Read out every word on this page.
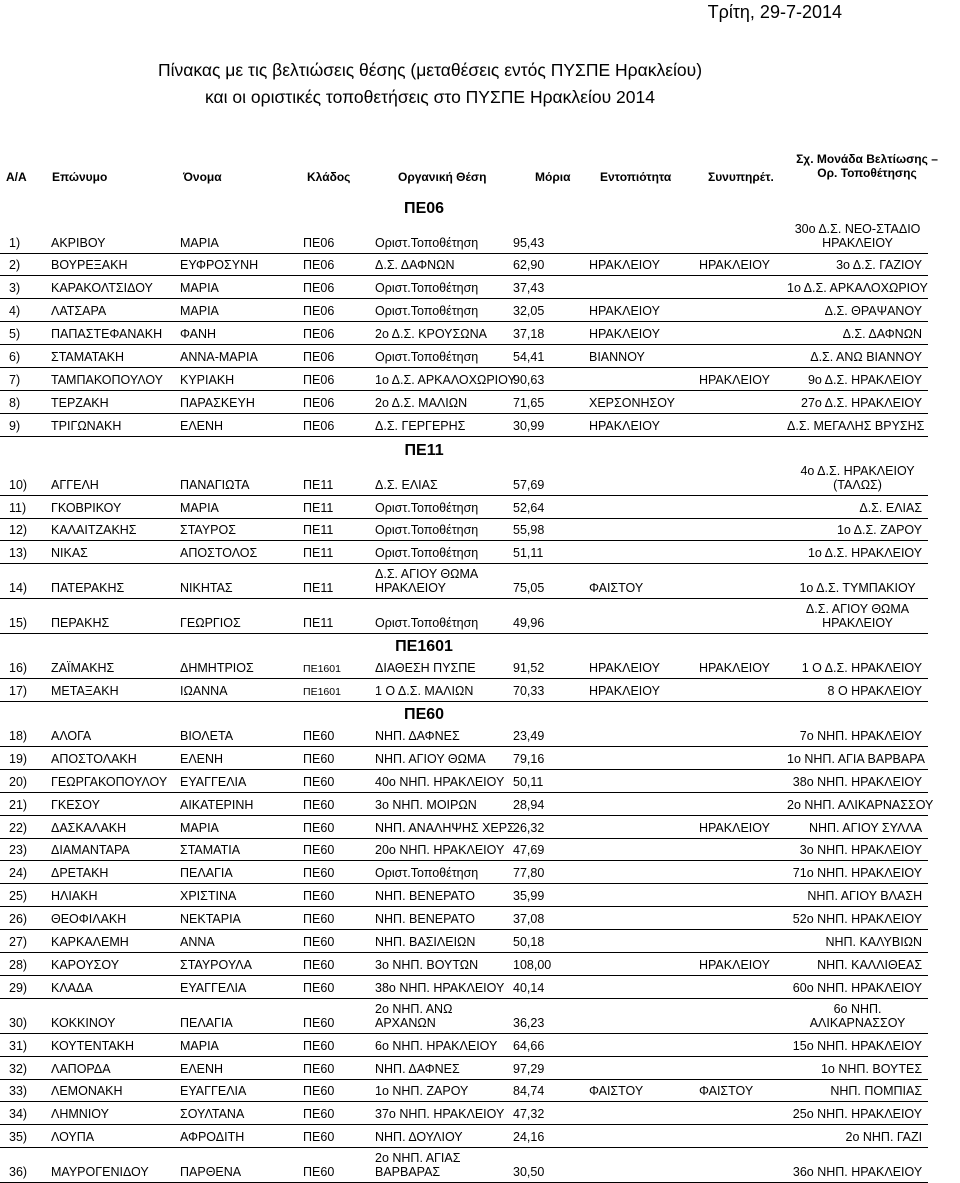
Τρίτη, 29-7-2014
Πίνακας με τις βελτιώσεις θέσης (μεταθέσεις εντός ΠΥΣΠΕ Ηρακλείου)
και οι οριστικές τοποθετήσεις στο ΠΥΣΠΕ Ηρακλείου 2014
Α/Α Επώνυμο	Όνομα	Κλάδος	Οργανική Θέση	Μόρια Εντοπιότητα	Συνυπηρέτ.
Σχ. Μονάδα Βελτίωσης –
Ορ. Τοποθέτησης
ΠΕ06								
1)	ΑΚΡΙΒΟΥ	ΜΑΡΙΑ	ΠΕ06	Οριστ.Τοποθέτηση	95,43			30ο Δ.Σ. ΝΕΟ-ΣΤΑΔΙΟ ΗΡΑΚΛΕΙΟΥ
2)	ΒΟΥΡΕΞΑΚΗ	ΕΥΦΡΟΣΥΝΗ	ΠΕ06	Δ.Σ. ΔΑΦΝΩΝ	62,90	ΗΡΑΚΛΕΙΟΥ	ΗΡΑΚΛΕΙΟΥ	3ο Δ.Σ. ΓΑΖΙΟΥ
3)	ΚΑΡΑΚΟΛΤΣΙΔΟΥ	ΜΑΡΙΑ	ΠΕ06	Οριστ.Τοποθέτηση	37,43			1ο Δ.Σ. ΑΡΚΑΛΟΧΩΡΙΟΥ
4)	ΛΑΤΣΑΡΑ	ΜΑΡΙΑ	ΠΕ06	Οριστ.Τοποθέτηση	32,05	ΗΡΑΚΛΕΙΟΥ		Δ.Σ. ΘΡΑΨΑΝΟΥ
5)	ΠΑΠΑΣΤΕΦΑΝΑΚΗ	ΦΑΝΗ	ΠΕ06	2ο Δ.Σ. ΚΡΟΥΣΩΝΑ	37,18	ΗΡΑΚΛΕΙΟΥ		Δ.Σ. ΔΑΦΝΩΝ
6)	ΣΤΑΜΑΤΑΚΗ	ΑΝΝΑ-ΜΑΡΙΑ	ΠΕ06	Οριστ.Τοποθέτηση	54,41	ΒΙΑΝΝΟΥ		Δ.Σ. ΑΝΩ ΒΙΑΝΝΟΥ
7)	ΤΑΜΠΑΚΟΠΟΥΛΟΥ	ΚΥΡΙΑΚΗ	ΠΕ06	1ο Δ.Σ. ΑΡΚΑΛΟΧΩΡΙΟΥ	90,63		ΗΡΑΚΛΕΙΟΥ	9ο Δ.Σ. ΗΡΑΚΛΕΙΟΥ
8)	ΤΕΡΖΑΚΗ	ΠΑΡΑΣΚΕΥΗ	ΠΕ06	2ο Δ.Σ. ΜΑΛΙΩΝ	71,65	ΧΕΡΣΟΝΗΣΟΥ		27ο Δ.Σ. ΗΡΑΚΛΕΙΟΥ
9)	ΤΡΙΓΩΝΑΚΗ	ΕΛΕΝΗ	ΠΕ06	Δ.Σ. ΓΕΡΓΕΡΗΣ	30,99	ΗΡΑΚΛΕΙΟΥ		Δ.Σ. ΜΕΓΑΛΗΣ ΒΡΥΣΗΣ
ΠΕ11								
10)	ΑΓΓΕΛΗ	ΠΑΝΑΓΙΩΤΑ	ΠΕ11	Δ.Σ. ΕΛΙΑΣ	57,69			4ο Δ.Σ. ΗΡΑΚΛΕΙΟΥ (ΤΑΛΩΣ)
11)	ΓΚΟΒΡΙΚΟΥ	ΜΑΡΙΑ	ΠΕ11	Οριστ.Τοποθέτηση	52,64			Δ.Σ. ΕΛΙΑΣ
12)	ΚΑΛΑΙΤΖΑΚΗΣ	ΣΤΑΥΡΟΣ	ΠΕ11	Οριστ.Τοποθέτηση	55,98			1ο Δ.Σ. ΖΑΡΟΥ
13)	ΝΙΚΑΣ	ΑΠΟΣΤΟΛΟΣ	ΠΕ11	Οριστ.Τοποθέτηση	51,11			1ο Δ.Σ. ΗΡΑΚΛΕΙΟΥ
14)	ΠΑΤΕΡΑΚΗΣ	ΝΙΚΗΤΑΣ	ΠΕ11	Δ.Σ. ΑΓΙΟΥ ΘΩΜΑ ΗΡΑΚΛΕΙΟΥ	75,05	ΦΑΙΣΤΟΥ		1ο Δ.Σ. ΤΥΜΠΑΚΙΟΥ
15)	ΠΕΡΑΚΗΣ	ΓΕΩΡΓΙΟΣ	ΠΕ11	Οριστ.Τοποθέτηση	49,96			Δ.Σ. ΑΓΙΟΥ ΘΩΜΑ ΗΡΑΚΛΕΙΟΥ
ΠΕ1601								
16)	ΖΑΪΜΑΚΗΣ	ΔΗΜΗΤΡΙΟΣ	ΠΕ1601	ΔΙΑΘΕΣΗ ΠΥΣΠΕ	91,52	ΗΡΑΚΛΕΙΟΥ	ΗΡΑΚΛΕΙΟΥ	1 Ο Δ.Σ. ΗΡΑΚΛΕΙΟΥ
17)	ΜΕΤΑΞΑΚΗ	ΙΩΑΝΝΑ	ΠΕ1601	1 Ο Δ.Σ. ΜΑΛΙΩΝ	70,33	ΗΡΑΚΛΕΙΟΥ		8 Ο ΗΡΑΚΛΕΙΟΥ
ΠΕ60								
18)	ΑΛΟΓΑ	ΒΙΟΛΕΤΑ	ΠΕ60	ΝΗΠ. ΔΑΦΝΕΣ	23,49			7ο ΝΗΠ. ΗΡΑΚΛΕΙΟΥ
19)	ΑΠΟΣΤΟΛΑΚΗ	ΕΛΕΝΗ	ΠΕ60	ΝΗΠ. ΑΓΙΟΥ ΘΩΜΑ	79,16			1ο ΝΗΠ. ΑΓΙΑ ΒΑΡΒΑΡΑ
20)	ΓΕΩΡΓΑΚΟΠΟΥΛΟΥ	ΕΥΑΓΓΕΛΙΑ	ΠΕ60	40ο ΝΗΠ. ΗΡΑΚΛΕΙΟΥ	50,11			38ο ΝΗΠ. ΗΡΑΚΛΕΙΟΥ
21)	ΓΚΕΣΟΥ	ΑΙΚΑΤΕΡΙΝΗ	ΠΕ60	3ο ΝΗΠ. ΜΟΙΡΩΝ	28,94			2ο ΝΗΠ. ΑΛΙΚΑΡΝΑΣΣΟΥ
22)	ΔΑΣΚΑΛΑΚΗ	ΜΑΡΙΑ	ΠΕ60	ΝΗΠ. ΑΝΑΛΗΨΗΣ ΧΕΡΣ.	26,32		ΗΡΑΚΛΕΙΟΥ	ΝΗΠ. ΑΓΙΟΥ ΣΥΛΛΑ
23)	ΔΙΑΜΑΝΤΑΡΑ	ΣΤΑΜΑΤΙΑ	ΠΕ60	20ο ΝΗΠ. ΗΡΑΚΛΕΙΟΥ	47,69			3ο ΝΗΠ. ΗΡΑΚΛΕΙΟΥ
24)	ΔΡΕΤΑΚΗ	ΠΕΛΑΓΙΑ	ΠΕ60	Οριστ.Τοποθέτηση	77,80			71ο ΝΗΠ. ΗΡΑΚΛΕΙΟΥ
25)	ΗΛΙΑΚΗ	ΧΡΙΣΤΙΝΑ	ΠΕ60	ΝΗΠ. ΒΕΝΕΡΑΤΟ	35,99			ΝΗΠ. ΑΓΙΟΥ ΒΛΑΣΗ
26)	ΘΕΟΦΙΛΑΚΗ	ΝΕΚΤΑΡΙΑ	ΠΕ60	ΝΗΠ. ΒΕΝΕΡΑΤΟ	37,08			52ο ΝΗΠ. ΗΡΑΚΛΕΙΟΥ
27)	ΚΑΡΚΑΛΕΜΗ	ΑΝΝΑ	ΠΕ60	ΝΗΠ. ΒΑΣΙΛΕΙΩΝ	50,18			ΝΗΠ. ΚΑΛΥΒΙΩΝ
28)	ΚΑΡΟΥΣΟΥ	ΣΤΑΥΡΟΥΛΑ	ΠΕ60	3ο ΝΗΠ. ΒΟΥΤΩΝ	108,00		ΗΡΑΚΛΕΙΟΥ	ΝΗΠ. ΚΑΛΛΙΘΕΑΣ
29)	ΚΛΑΔΑ	ΕΥΑΓΓΕΛΙΑ	ΠΕ60	38ο ΝΗΠ. ΗΡΑΚΛΕΙΟΥ	40,14			60ο ΝΗΠ. ΗΡΑΚΛΕΙΟΥ
30)	ΚΟΚΚΙΝΟΥ	ΠΕΛΑΓΙΑ	ΠΕ60	2ο ΝΗΠ. ΑΝΩ ΑΡΧΑΝΩΝ	36,23			6ο ΝΗΠ. ΑΛΙΚΑΡΝΑΣΣΟΥ
31)	ΚΟΥΤΕΝΤΑΚΗ	ΜΑΡΙΑ	ΠΕ60	6ο ΝΗΠ. ΗΡΑΚΛΕΙΟΥ	64,66			15ο ΝΗΠ. ΗΡΑΚΛΕΙΟΥ
32)	ΛΑΠΟΡΔΑ	ΕΛΕΝΗ	ΠΕ60	ΝΗΠ. ΔΑΦΝΕΣ	97,29			1ο ΝΗΠ. ΒΟΥΤΕΣ
33)	ΛΕΜΟΝΑΚΗ	ΕΥΑΓΓΕΛΙΑ	ΠΕ60	1ο ΝΗΠ. ΖΑΡΟΥ	84,74	ΦΑΙΣΤΟΥ	ΦΑΙΣΤΟΥ	ΝΗΠ. ΠΟΜΠΙΑΣ
34)	ΛΗΜΝΙΟΥ	ΣΟΥΛΤΑΝΑ	ΠΕ60	37ο ΝΗΠ. ΗΡΑΚΛΕΙΟΥ	47,32			25ο ΝΗΠ. ΗΡΑΚΛΕΙΟΥ
35)	ΛΟΥΠΑ	ΑΦΡΟΔΙΤΗ	ΠΕ60	ΝΗΠ. ΔΟΥΛΙΟΥ	24,16			2ο ΝΗΠ. ΓΑΖΙ
36)	ΜΑΥΡΟΓΕΝΙΔΟΥ	ΠΑΡΘΕΝΑ	ΠΕ60	2ο ΝΗΠ. ΑΓΙΑΣ ΒΑΡΒΑΡΑΣ	30,50			36ο ΝΗΠ. ΗΡΑΚΛΕΙΟΥ
